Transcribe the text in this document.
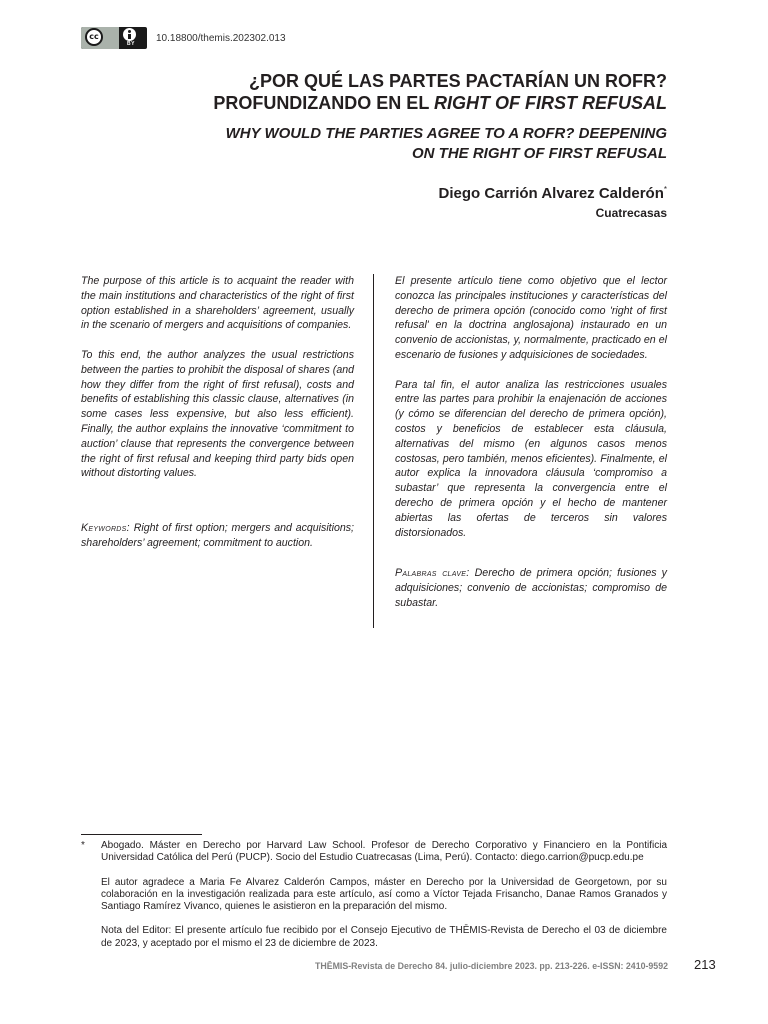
cc
BY	10.18800/themis.202302.013
¿POR QUÉ LAS PARTES PACTARÍAN UN ROFR?
PROFUNDIZANDO EN EL RIGHT OF FIRST REFUSAL
WHY WOULD THE PARTIES AGREE TO A ROFR? DEEPENING
ON THE RIGHT OF FIRST REFUSAL
Diego Carrión Alvarez Calderón*
Cuatrecasas

The purpose of this article is to acquaint the reader with the main institutions and characteristics of the right of first option established in a shareholders’ agreement, usually in the scenario of mergers and acquisitions of companies.

To this end, the author analyzes the usual restrictions between the parties to prohibit the disposal of shares (and how they differ from the right of first refusal), costs and benefits of establishing this classic clause, alternatives (in some cases less expensive, but also less efficient). Finally, the author explains the innovative ‘commitment to auction’ clause that represents the convergence between the right of first refusal and keeping third party bids open without distorting values.

Keywords: Right of first option; mergers and acquisitions; shareholders’ agreement; commitment to auction.

El presente artículo tiene como objetivo que el lector conozca las principales instituciones y características del derecho de primera opción (conocido como 'right of first refusal' en la doctrina anglosajona) instaurado en un convenio de accionistas, y, normalmente, practicado en el escenario de fusiones y adquisiciones de sociedades.

Para tal fin, el autor analiza las restricciones usuales entre las partes para prohibir la enajenación de acciones (y cómo se diferencian del derecho de primera opción), costos y beneficios de establecer esta cláusula, alternativas del mismo (en algunos casos menos costosas, pero también, menos eficientes). Finalmente, el autor explica la innovadora cláusula ‘compromiso a subastar’ que representa la convergencia entre el derecho de primera opción y el hecho de mantener abiertas las ofertas de terceros sin valores distorsionados.

Palabras clave: Derecho de primera opción; fusiones y adquisiciones; convenio de accionistas; compromiso de subastar.

*	Abogado. Máster en Derecho por Harvard Law School. Profesor de Derecho Corporativo y Financiero en la Pontificia Universidad Católica del Perú (PUCP). Socio del Estudio Cuatrecasas (Lima, Perú). Contacto: diego.carrion@pucp.edu.pe
El autor agradece a Maria Fe Alvarez Calderón Campos, máster en Derecho por la Universidad de Georgetown, por su colaboración en la investigación realizada para este artículo, así como a Víctor Tejada Frisancho, Danae Ramos Granados y Santiago Ramírez Vivanco, quienes le asistieron en la preparación del mismo.
Nota del Editor: El presente artículo fue recibido por el Consejo Ejecutivo de THĒMIS-Revista de Derecho el 03 de diciembre de 2023, y aceptado por el mismo el 23 de diciembre de 2023.
THĒMIS-Revista de Derecho 84. julio-diciembre 2023. pp. 213-226. e-ISSN: 2410-9592 213
